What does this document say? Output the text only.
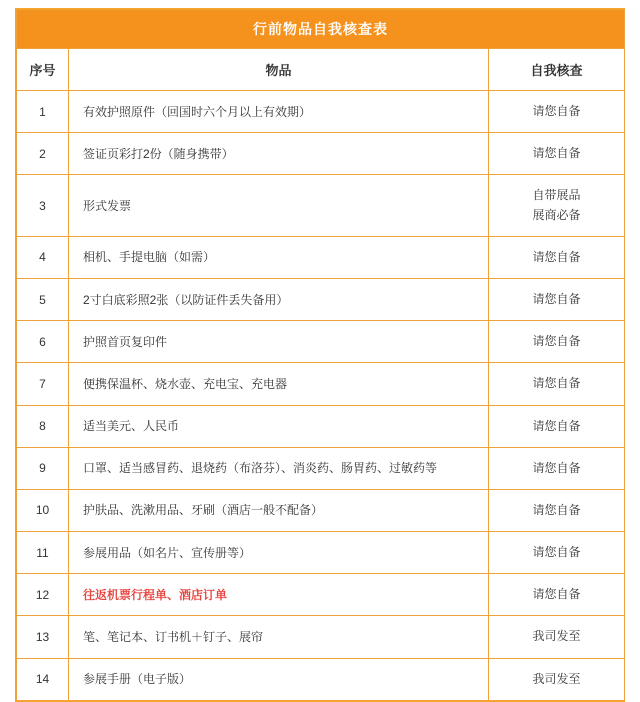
行前物品自我核查表		
序号	物品	自我核查
1	有效护照原件（回国时六个月以上有效期）	请您自备

2	签证页彩打2份（随身携带）	请您自备

3	形式发票	自带展品
展商必备

4	相机、手提电脑（如需）	请您自备

5	2寸白底彩照2张（以防证件丢失备用）	请您自备

6	护照首页复印件	请您自备

7	便携保温杯、烧水壶、充电宝、充电器	请您自备

8	适当美元、人民币	请您自备

9	口罩、适当感冒药、退烧药（布洛芬）、消炎药、肠胃药、过敏药等	请您自备

10	护肤品、洗漱用品、牙刷（酒店一般不配备）	请您自备

11	参展用品（如名片、宣传册等）	请您自备

12	往返机票行程单、酒店订单	请您自备

13	笔、笔记本、订书机＋钉子、展帘	我司发至

14	参展手册（电子版）	我司发至
